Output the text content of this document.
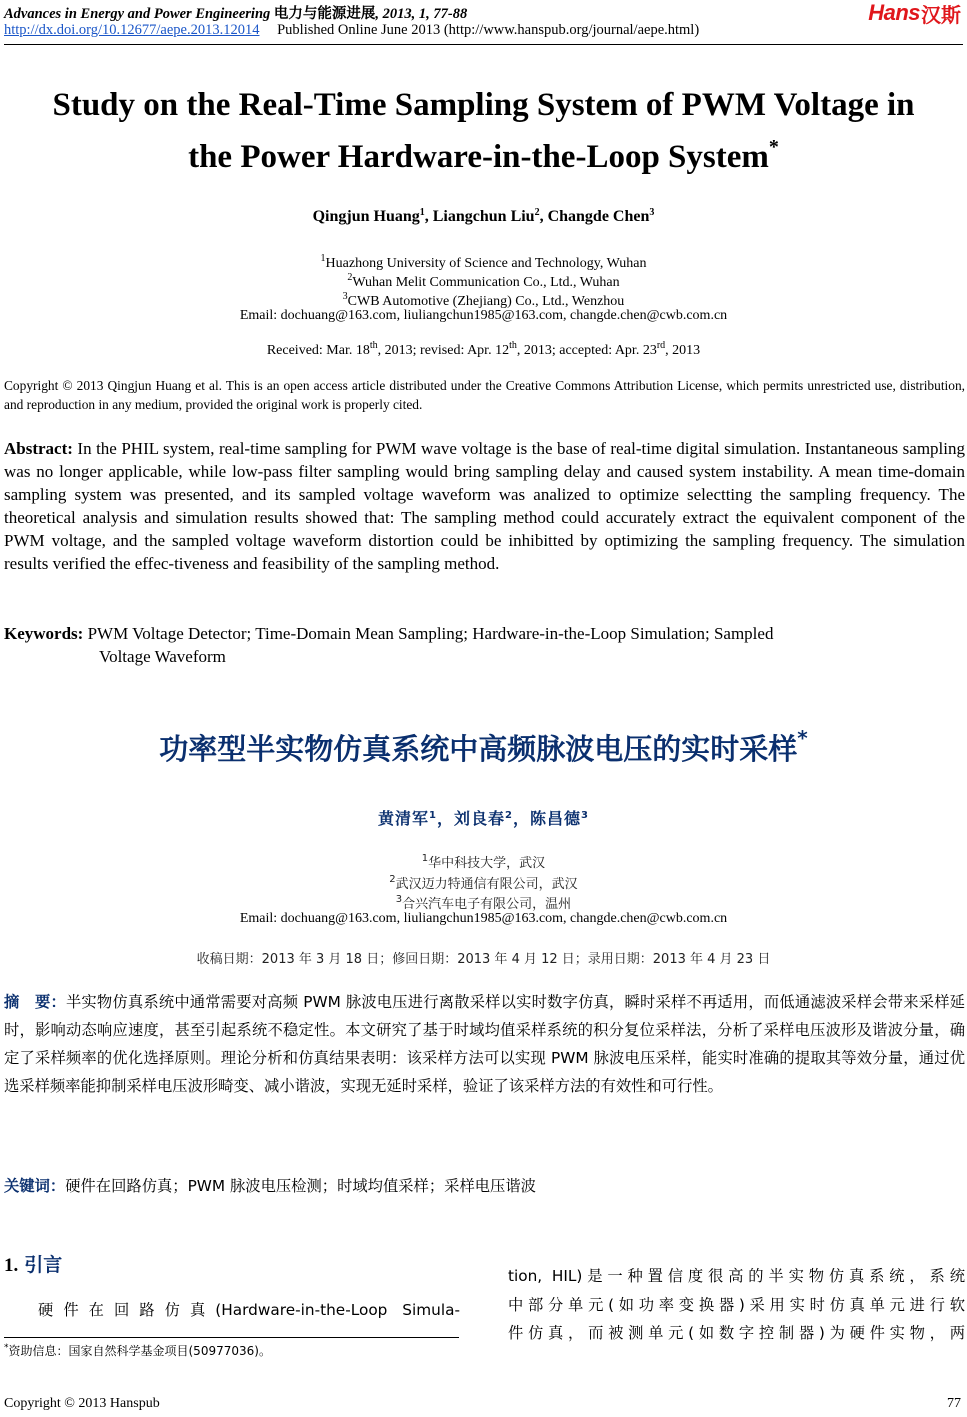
Advances in Energy and Power Engineering 电力与能源进展, 2013, 1, 77-88
http://dx.doi.org/10.12677/aepe.2013.12014 Published Online June 2013 (http://www.hanspub.org/journal/aepe.html)
Hans 汉斯
Study on the Real-Time Sampling System of PWM Voltage in
the Power Hardware-in-the-Loop System*
Qingjun Huang$^1$, Liangchun Liu$^2$, Changde Chen$^3$
$^1$Huazhong University of Science and Technology, Wuhan
$^2$Wuhan Melit Communication Co., Ltd., Wuhan
$^3$CWB Automotive (Zhejiang) Co., Ltd., Wenzhou
Email: dochuang@163.com, liuliangchun1985@163.com, changde.chen@cwb.com.cn
Received: Mar. 18th, 2013; revised: Apr. 12th, 2013; accepted: Apr. 23rd, 2013
Copyright © 2013 Qingjun Huang et al. This is an open access article distributed under the Creative Commons Attribution License, which permits unrestricted use, distribution, and reproduction in any medium, provided the original work is properly cited.
Abstract: In the PHIL system, real-time sampling for PWM wave voltage is the base of real-time digital simulation. Instantaneous sampling was no longer applicable, while low-pass filter sampling would bring sampling delay and caused system instability. A mean time-domain sampling system was presented, and its sampled voltage waveform was analized to optimize selectting the sampling frequency. The theoretical analysis and simulation results showed that: The sampling method could accurately extract the equivalent component of the PWM voltage, and the sampled voltage waveform distortion could be inhibitted by optimizing the sampling frequency. The simulation results verified the effec-tiveness and feasibility of the sampling method.
Keywords: PWM Voltage Detector; Time-Domain Mean Sampling; Hardware-in-the-Loop Simulation; Sampled
Voltage Waveform
功率型半实物仿真系统中高频脉波电压的实时采样*
黄清军$^1$，刘良春$^2$，陈昌德$^3$
$^1$华中科技大学，武汉
$^2$武汉迈力特通信有限公司，武汉
$^3$合兴汽车电子有限公司，温州
Email: dochuang@163.com, liuliangchun1985@163.com, changde.chen@cwb.com.cn
收稿日期：2013 年 3 月 18 日；修回日期：2013 年 4 月 12 日；录用日期：2013 年 4 月 23 日
摘　要：半实物仿真系统中通常需要对高频 PWM 脉波电压进行离散采样以实时数字仿真，瞬时采样不再适用，而低通滤波采样会带来采样延时，影响动态响应速度，甚至引起系统不稳定性。本文研究了基于时域均值采样系统的积分复位采样法，分析了采样电压波形及谐波分量，确定了采样频率的优化选择原则。理论分析和仿真结果表明：该采样方法可以实现 PWM 脉波电压采样，能实时准确的提取其等效分量，通过优选采样频率能抑制采样电压波形畸变、减小谐波，实现无延时采样，验证了该采样方法的有效性和可行性。
关键词：硬件在回路仿真；PWM 脉波电压检测；时域均值采样；采样电压谐波
1. 引言
硬件在回路仿真(Hardware-in-the-Loop Simula-
tion, HIL)是一种置信度很高的半实物仿真系统，系统
中部分单元(如功率变换器)采用实时仿真单元进行软
件仿真，而被测单元(如数字控制器)为硬件实物，两
*资助信息：国家自然科学基金项目(50977036)。
Copyright © 2013 Hanspub	77
